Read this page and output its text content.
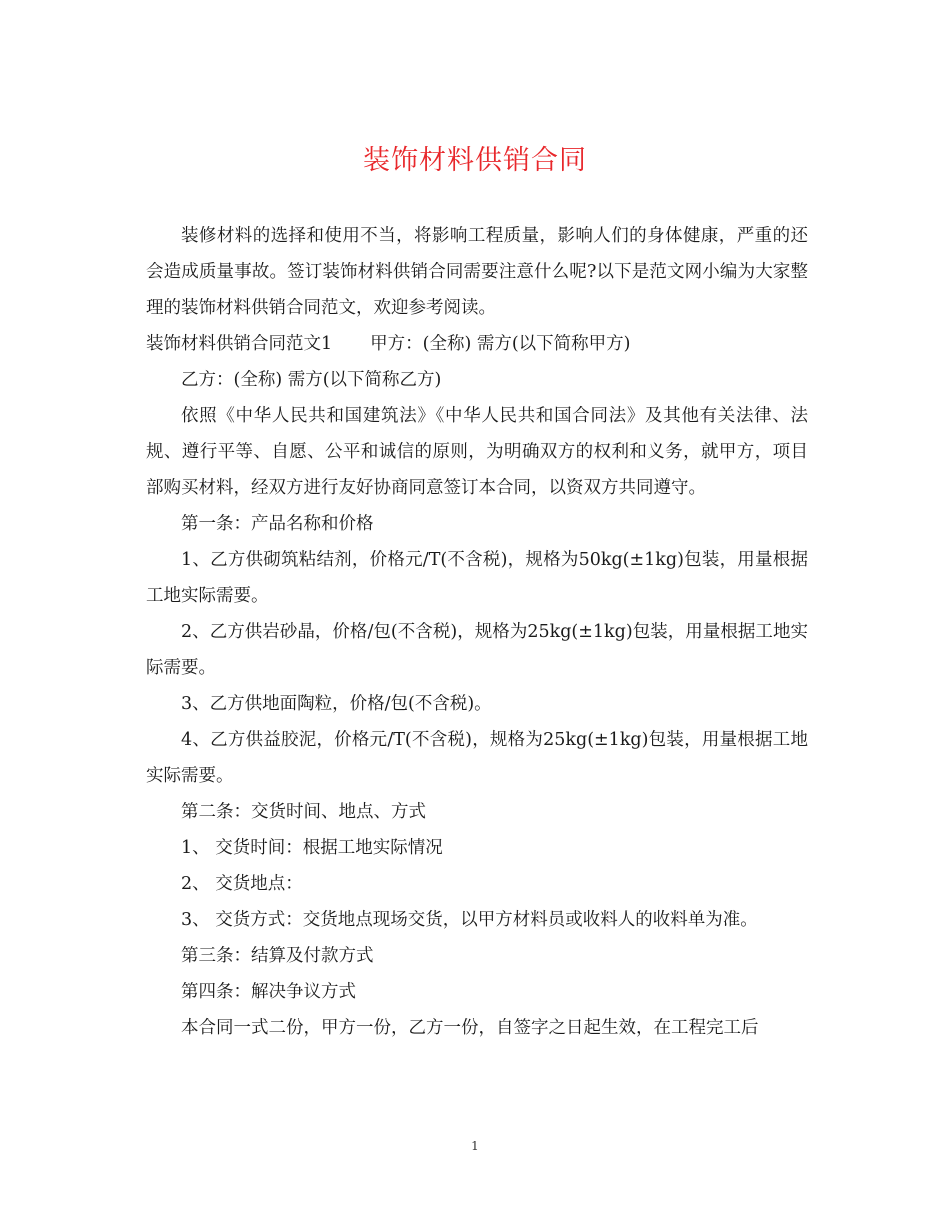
装饰材料供销合同

装修材料的选择和使用不当，将影响工程质量，影响人们的身体健康，严重的还会造成质量事故。签订装饰材料供销合同需要注意什么呢?以下是范文网小编为大家整理的装饰材料供销合同范文，欢迎参考阅读。

装饰材料供销合同范文1 甲方：(全称) 需方(以下简称甲方)

乙方：(全称) 需方(以下简称乙方)

依照《中华人民共和国建筑法》《中华人民共和国合同法》及其他有关法律、法规、遵行平等、自愿、公平和诚信的原则，为明确双方的权利和义务，就甲方，项目部购买材料，经双方进行友好协商同意签订本合同，以资双方共同遵守。

第一条：产品名称和价格

1、乙方供砌筑粘结剂，价格元/T(不含税)，规格为50kg(±1kg)包装，用量根据工地实际需要。

2、乙方供岩砂晶，价格/包(不含税)，规格为25kg(±1kg)包装，用量根据工地实际需要。

3、乙方供地面陶粒，价格/包(不含税)。

4、乙方供益胶泥，价格元/T(不含税)，规格为25kg(±1kg)包装，用量根据工地实际需要。

第二条：交货时间、地点、方式

1、 交货时间：根据工地实际情况

2、 交货地点：

3、 交货方式：交货地点现场交货，以甲方材料员或收料人的收料单为准。

第三条：结算及付款方式

第四条：解决争议方式

本合同一式二份，甲方一份，乙方一份，自签字之日起生效，在工程完工后

1
